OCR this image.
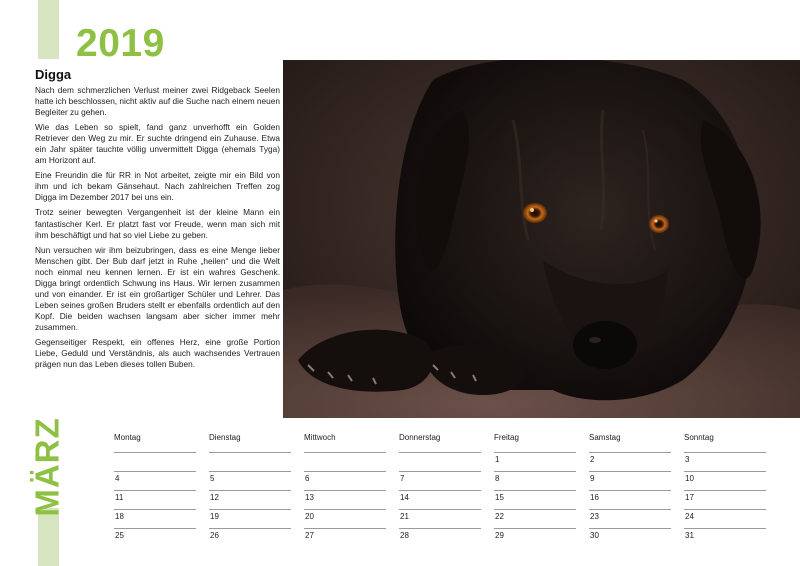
MÄRZ
2019
Digga

Nach dem schmerzlichen Verlust meiner zwei Ridgeback Seelen hatte ich beschlossen, nicht aktiv auf die Suche nach einem neuen Begleiter zu gehen.

Wie das Leben so spielt, fand ganz unverhofft ein Golden Retriever den Weg zu mir. Er suchte dringend ein Zuhause. Etwa ein Jahr später tauchte völlig unvermittelt Digga (ehemals Tyga) am Horizont auf.

Eine Freundin die für RR in Not arbeitet, zeigte mir ein Bild von ihm und ich bekam Gänsehaut. Nach zahlreichen Treffen zog Digga im Dezember 2017 bei uns ein.

Trotz seiner bewegten Vergangenheit ist der kleine Mann ein fantastischer Kerl. Er platzt fast vor Freude, wenn man sich mit ihm beschäftigt und hat so viel Liebe zu geben.

Nun versuchen wir ihm beizubringen, dass es eine Menge lieber Menschen gibt. Der Bub darf jetzt in Ruhe „heilen“ und die Welt noch einmal neu kennen lernen. Er ist ein wahres Geschenk. Digga bringt ordentlich Schwung ins Haus. Wir lernen zusammen und von einander. Er ist ein großartiger Schüler und Lehrer. Das Leben seines großen Bruders stellt er ebenfalls ordentlich auf den Kopf. Die beiden wachsen langsam aber sicher immer mehr zusammen.

Gegenseitiger Respekt, ein offenes Herz, eine große Portion Liebe, Geduld und Verständnis, als auch wachsendes Vertrauen prägen nun das Leben dieses tollen Buben.

Montag
4
11
18
25
Dienstag
5
12
19
26
Mittwoch
6
13
20
27
Donnerstag
7
14
21
28
Freitag
1
8
15
22
29
Samstag
2
9
16
23
30
Sonntag
3
10
17
24
31
